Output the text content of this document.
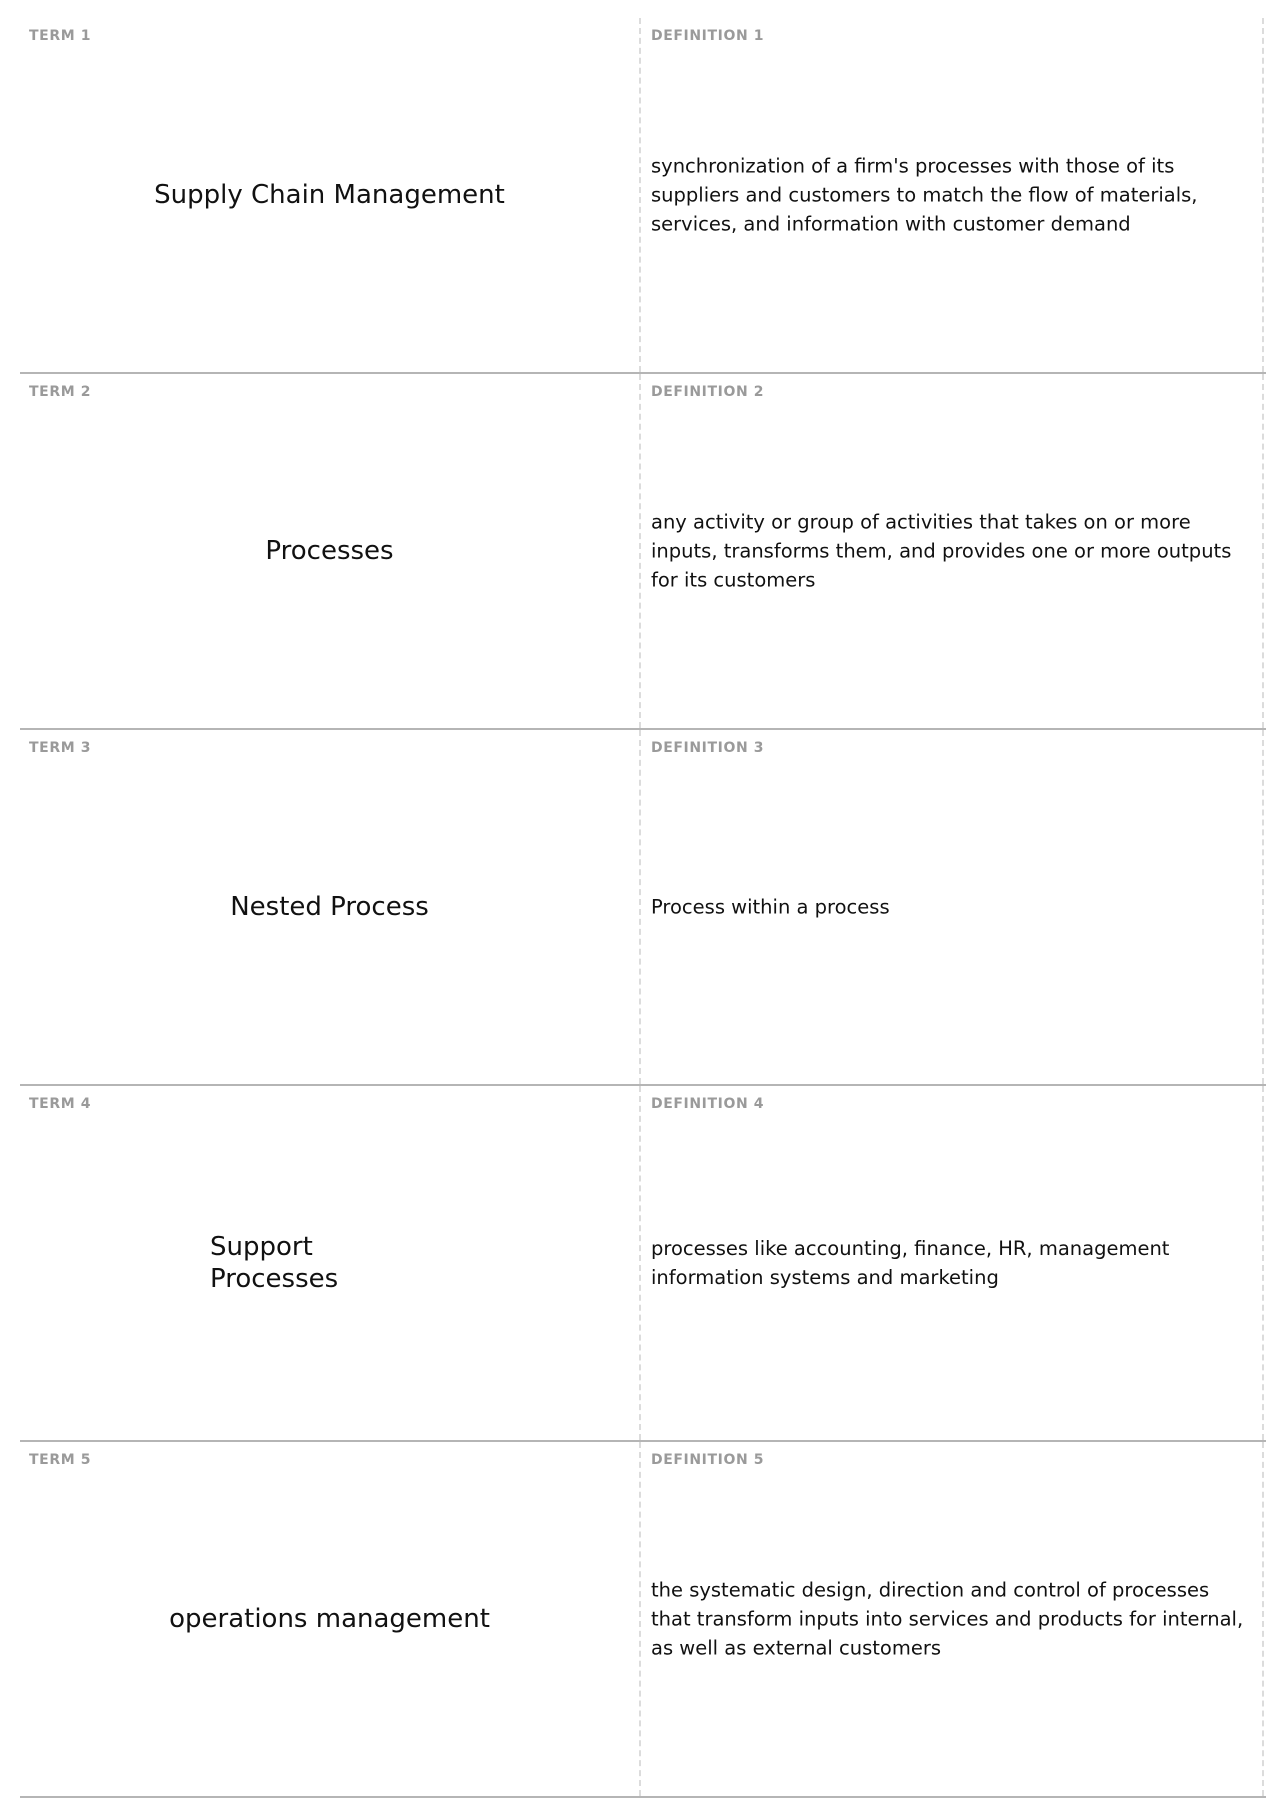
TERM 1
Supply Chain Management
DEFINITION 1
synchronization of a firm's processes with those of its suppliers and customers to match the flow of materials, services, and information with customer demand
TERM 2
Processes
DEFINITION 2
any activity or group of activities that takes on or more inputs, transforms them, and provides one or more outputs for its customers
TERM 3
Nested Process
DEFINITION 3
Process within a process
TERM 4
Support Processes
DEFINITION 4
processes like accounting, finance, HR, management information systems and marketing
TERM 5
operations management
DEFINITION 5
the systematic design, direction and control of processes that transform inputs into services and products for internal, as well as external customers
